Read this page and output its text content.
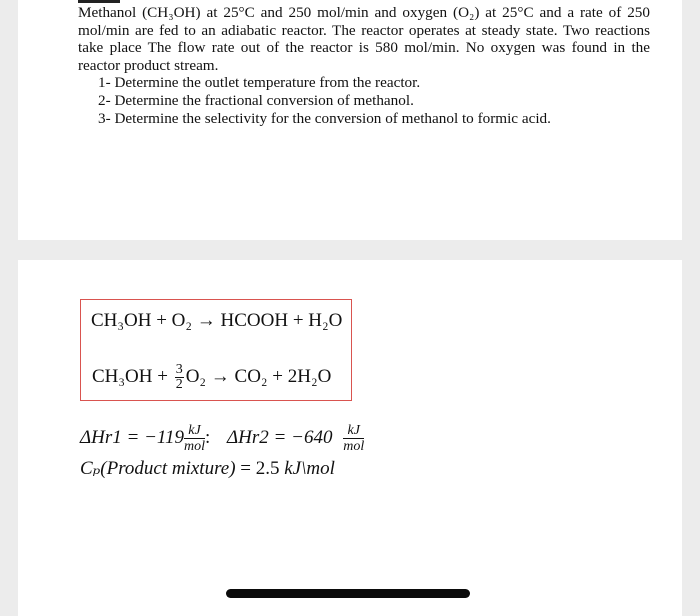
Methanol (CH₃OH) at 25°C and 250 mol/min and oxygen (O₂) at 25°C and a rate of 250 mol/min are fed to an adiabatic reactor. The reactor operates at steady state. Two reactions take place The flow rate out of the reactor is 580 mol/min. No oxygen was found in the reactor product stream.

1- Determine the outlet temperature from the reactor.
2- Determine the fractional conversion of methanol.
3- Determine the selectivity for the conversion of methanol to formic acid.
CH₃OH + O₂ → HCOOH + H₂O
$CH_3OH + \frac{3}{2} O_2 \to CO_2 + 2H_2O$
$\Delta Hr1 = -119 \frac{kJ}{\text{mol}}$ : $\Delta Hr2 = -640 \frac{kJ}{\text{mol}}$
Cₚ(Product mixture) = 2.5 kJ\mol
